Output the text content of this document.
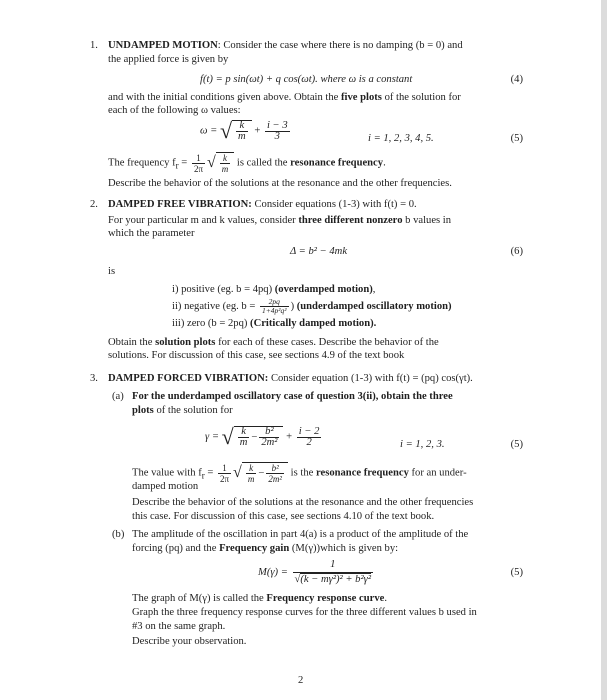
1. UNDAMPED MOTION: Consider the case where there is no damping (b = 0) and
the applied force is given by
f(t) = p sin(ωt) + q cos(ωt). where ω is a constant	(4)
and with the initial conditions given above. Obtain the five plots of the solution for
each of the following ω values:
ω = √ $\frac{k}{m} + \frac{i - 3}{3}$	i = 1, 2, 3, 4, 5.	(5)
The frequency $f_r = \frac{1}{2\pi}$ √ $\frac{k}{m}$ is called the resonance frequency.
Describe the behavior of the solutions at the resonance and the other frequencies.
2. DAMPED FREE VIBRATION: Consider equations (1-3) with f(t) = 0.
For your particular m and k values, consider three different nonzero b values in
which the parameter
Δ = b² − 4mk	(6)
is
i) positive (eg. b = 4pq) (overdamped motion),
ii) negative (eg. $b = \frac{2pq}{\text{1+4p²q²}}$ ) (underdamped oscillatory motion)
iii) zero (b = 2pq) (Critically damped motion).
Obtain the solution plots for each of these cases. Describe the behavior of the
solutions. For discussion of this case, see sections 4.9 of the text book
3. DAMPED FORCED VIBRATION: Consider equation (1-3) with f(t) = (pq) cos(γt).
(a) For the underdamped oscillatory case of question 3(ii), obtain the three
plots of the solution for
γ = √ $\frac{k}{m} - \frac{\text{b²}}{\text{2m²}} + \frac{i - 2}{2}$	i = 1, 2, 3.	(5)
The value with $f_r = \frac{1}{2\pi}$ √ $\frac{k}{m} - \frac{\text{b²}}{\text{2m²}}$ is the resonance frequency for an under-
damped motion
Describe the behavior of the solutions at the resonance and the other frequencies
this case. For discussion of this case, see sections 4.10 of the text book.
(b) The amplitude of the oscillation in part 4(a) is a product of the amplitude of the
forcing (pq) and the Frequency gain (M(γ))which is given by:
$M(\gamma) = \frac{1}{\text{√(k − mγ²)² + b²γ²}}$	(5)
The graph of M(γ) is called the Frequency response curve.
Graph the three frequency response curves for the three different values b used in
#3 on the same graph.
Describe your observation.
2
